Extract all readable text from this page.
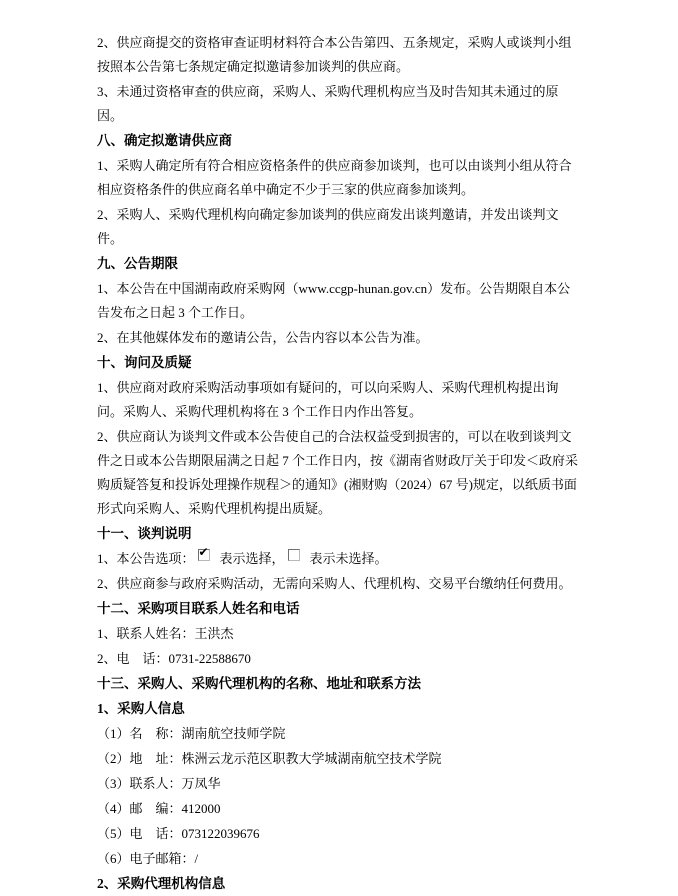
2、供应商提交的资格审查证明材料符合本公告第四、五条规定，采购人或谈判小组按照本公告第七条规定确定拟邀请参加谈判的供应商。

3、未通过资格审查的供应商，采购人、采购代理机构应当及时告知其未通过的原因。

八、确定拟邀请供应商

1、采购人确定所有符合相应资格条件的供应商参加谈判，也可以由谈判小组从符合相应资格条件的供应商名单中确定不少于三家的供应商参加谈判。

2、采购人、采购代理机构向确定参加谈判的供应商发出谈判邀请，并发出谈判文件。

九、公告期限

1、本公告在中国湖南政府采购网（www.ccgp-hunan.gov.cn）发布。公告期限自本公告发布之日起 3 个工作日。

2、在其他媒体发布的邀请公告，公告内容以本公告为准。

十、询问及质疑

1、供应商对政府采购活动事项如有疑问的，可以向采购人、采购代理机构提出询问。采购人、采购代理机构将在 3 个工作日内作出答复。

2、供应商认为谈判文件或本公告使自己的合法权益受到损害的，可以在收到谈判文件之日或本公告期限届满之日起 7 个工作日内，按《湖南省财政厅关于印发＜政府采购质疑答复和投诉处理操作规程＞的通知》(湘财购（2024）67 号)规定，以纸质书面形式向采购人、采购代理机构提出质疑。

十一、谈判说明

1、本公告选项： ✔ 表示选择， 表示未选择。

2、供应商参与政府采购活动，无需向采购人、代理机构、交易平台缴纳任何费用。

十二、采购项目联系人姓名和电话

1、联系人姓名：王洪杰

2、电　话：0731-22588670

十三、采购人、采购代理机构的名称、地址和联系方法
1、采购人信息

（1）名　称：湖南航空技师学院

（2）地　址：株洲云龙示范区职教大学城湖南航空技术学院

（3）联系人：万凤华

（4）邮　编：412000

（5）电　话：073122039676

（6）电子邮箱：/

2、采购代理机构信息
